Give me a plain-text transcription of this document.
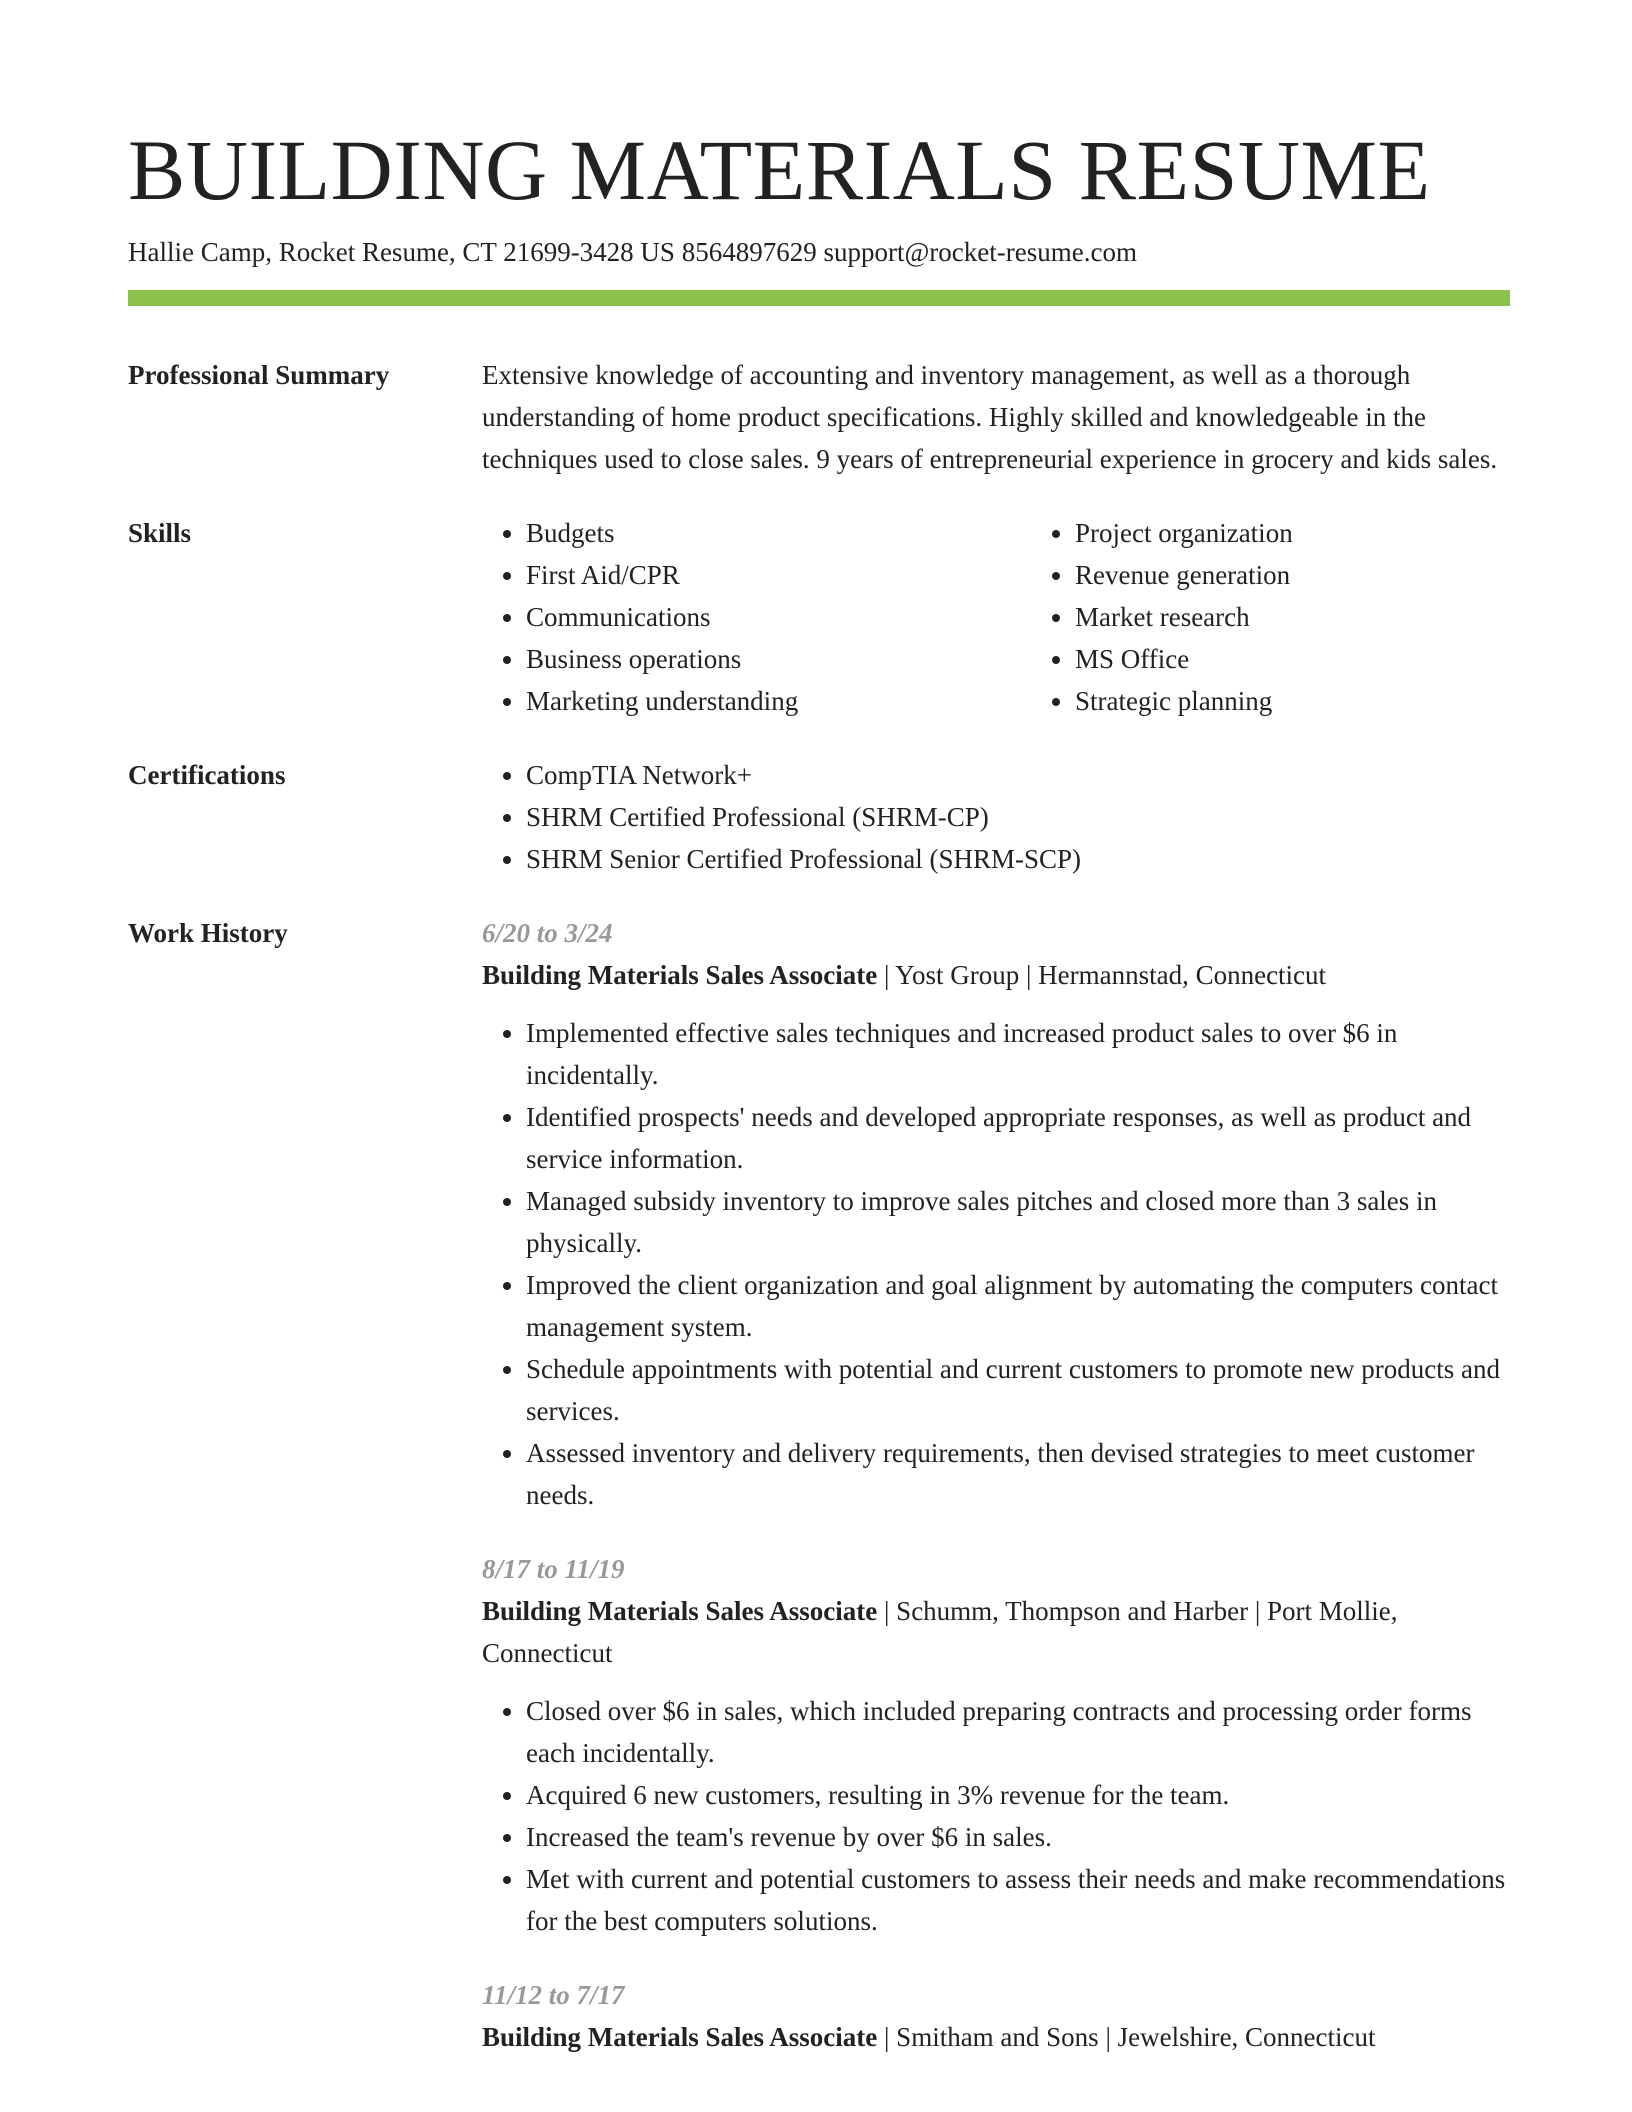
BUILDING MATERIALS RESUME
Hallie Camp, Rocket Resume, CT 21699-3428 US 8564897629 support@rocket-resume.com
Professional Summary	Extensive knowledge of accounting and inventory management, as well as a thorough understanding of home product specifications. Highly skilled and knowledgeable in the techniques used to close sales. 9 years of entrepreneurial experience in grocery and kids sales.
Skills	• Budgets
• First Aid/CPR
• Communications
• Business operations
• Marketing understanding
• Project organization
• Revenue generation
• Market research
• MS Office
• Strategic planning
Certifications	• CompTIA Network+
• SHRM Certified Professional (SHRM-CP)
• SHRM Senior Certified Professional (SHRM-SCP)
Work History	6/20 to 3/24
Building Materials Sales Associate | Yost Group | Hermannstad, Connecticut
• Implemented effective sales techniques and increased product sales to over $6 in incidentally.
• Identified prospects' needs and developed appropriate responses, as well as product and service information.
• Managed subsidy inventory to improve sales pitches and closed more than 3 sales in physically.
• Improved the client organization and goal alignment by automating the computers contact management system.
• Schedule appointments with potential and current customers to promote new products and services.
• Assessed inventory and delivery requirements, then devised strategies to meet customer needs.
8/17 to 11/19
Building Materials Sales Associate | Schumm, Thompson and Harber | Port Mollie, Connecticut
• Closed over $6 in sales, which included preparing contracts and processing order forms each incidentally.
• Acquired 6 new customers, resulting in 3% revenue for the team.
• Increased the team's revenue by over $6 in sales.
• Met with current and potential customers to assess their needs and make recommendations for the best computers solutions.
11/12 to 7/17
Building Materials Sales Associate | Smitham and Sons | Jewelshire, Connecticut
